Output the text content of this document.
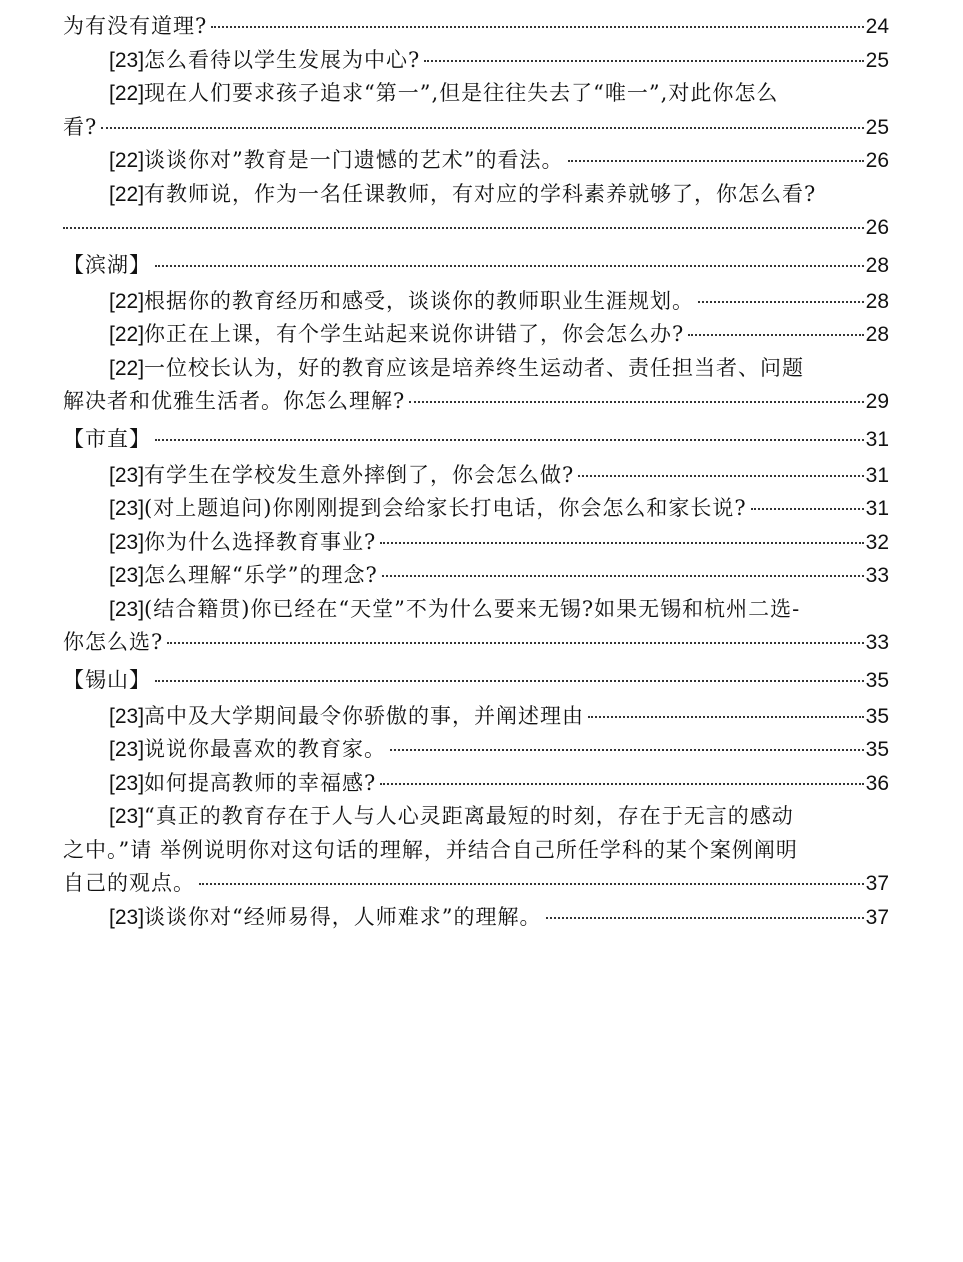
为有没有道理?	24
[23]怎么看待以学生发展为中心?	25
[22]现在人们要求孩子追求“第一”,但是往往失去了“唯一”,对此你怎么
看?	25
[22]谈谈你对”教育是一门遗憾的艺术”的看法。	26
[22]有教师说，作为一名任课教师，有对应的学科素养就够了，你怎么看?
26
【滨湖】	28
[22]根据你的教育经历和感受，谈谈你的教师职业生涯规划。	28
[22]你正在上课，有个学生站起来说你讲错了，你会怎么办?	28
[22]一位校长认为，好的教育应该是培养终生运动者、责任担当者、问题
解决者和优雅生活者。你怎么理解?	29
【市直】	31
[23]有学生在学校发生意外摔倒了，你会怎么做?	31
[23](对上题追问)你刚刚提到会给家长打电话，你会怎么和家长说?	31
[23]你为什么选择教育事业?	32
[23]怎么理解“乐学”的理念?	33
[23](结合籍贯)你已经在“天堂”不为什么要来无锡?如果无锡和杭州二选-
你怎么选?	33
【锡山】	35
[23]高中及大学期间最令你骄傲的事，并阐述理由	35
[23]说说你最喜欢的教育家。	35
[23]如何提高教师的幸福感?	36
[23]“真正的教育存在于人与人心灵距离最短的时刻，存在于无言的感动
之中。”请 举例说明你对这句话的理解，并结合自己所任学科的某个案例阐明
自己的观点。	37
[23]谈谈你对“经师易得，人师难求”的理解。	37
